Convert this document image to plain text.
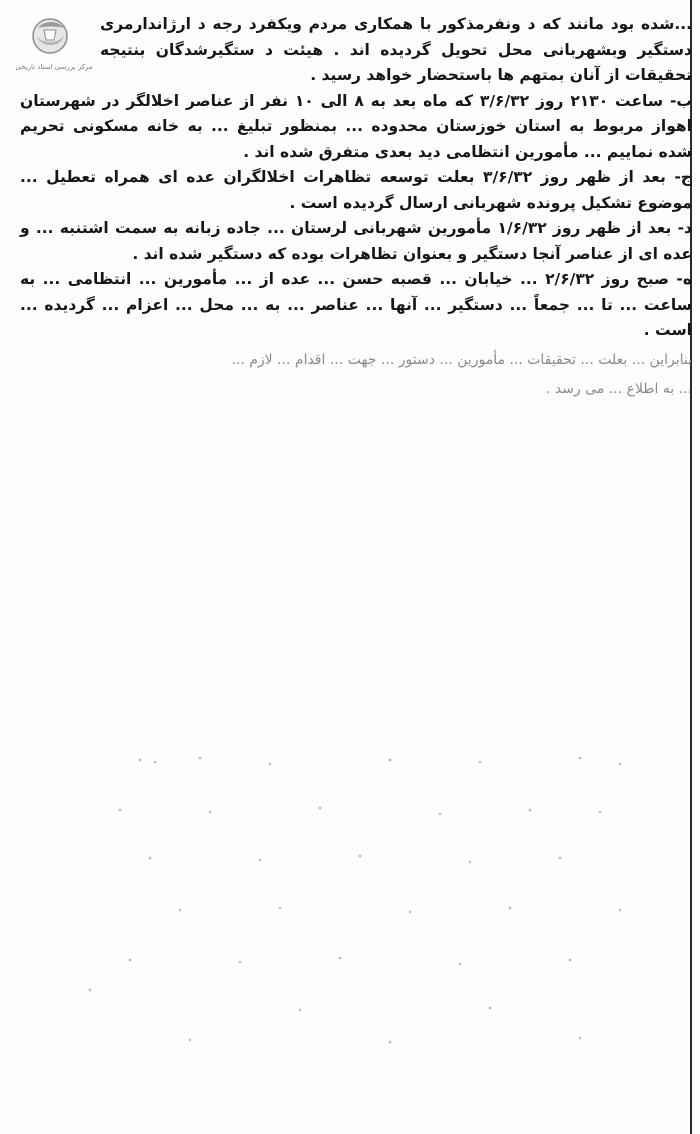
مرکز بررسی اسناد تاریخی

...شده بود مانند که د ونفرمذکور با همکاری مردم ویکفرد رجه د ارژاندارمری دستگیر وبشهربانی محل تحویل گردیده اند . هیئت د ستگیرشدگان بنتیجه تحقیقات از آنان بمتهم ها باستحضار خواهد رسید .

ب- ساعت ۲۱۳۰ روز ۳/۶/۳۲ که ماه بعد به ۸ الی ۱۰ نفر از عناصر اخلالگر در شهرستان اهواز مربوط به استان خوزستان محدوده ... بمنظور تبلیغ ... به خانه مسکونی تحریم شده نماییم ... مأمورین انتظامی دید بعدی متفرق شده اند .

ج- بعد از ظهر روز ۳/۶/۳۲ بعلت توسعه تظاهرات اخلالگران عده ای همراه تعطیل ... موضوع تشکیل پرونده شهربانی ارسال گردیده است .

د- بعد از ظهر روز ۱/۶/۳۲ مأمورین شهربانی لرستان ... جاده زبانه به سمت اشتنبه ... و عده ای از عناصر آنجا دستگیر و بعنوان تظاهرات بوده که دستگیر شده اند .

ه- صبح روز ۲/۶/۳۲ ... خیابان ... قصبه حسن ... عده از ... مأمورین ... انتظامی ... به ساعت ... تا ... جمعاً ... دستگیر ... آنها ... عناصر ... به ... محل ... اعزام ... گردیده ... است .

بنابراین ... بعلت ... تحقیقات ... مأمورین ... دستور ... جهت ... اقدام ... لازم ...

... به اطلاع ... می رسد .
